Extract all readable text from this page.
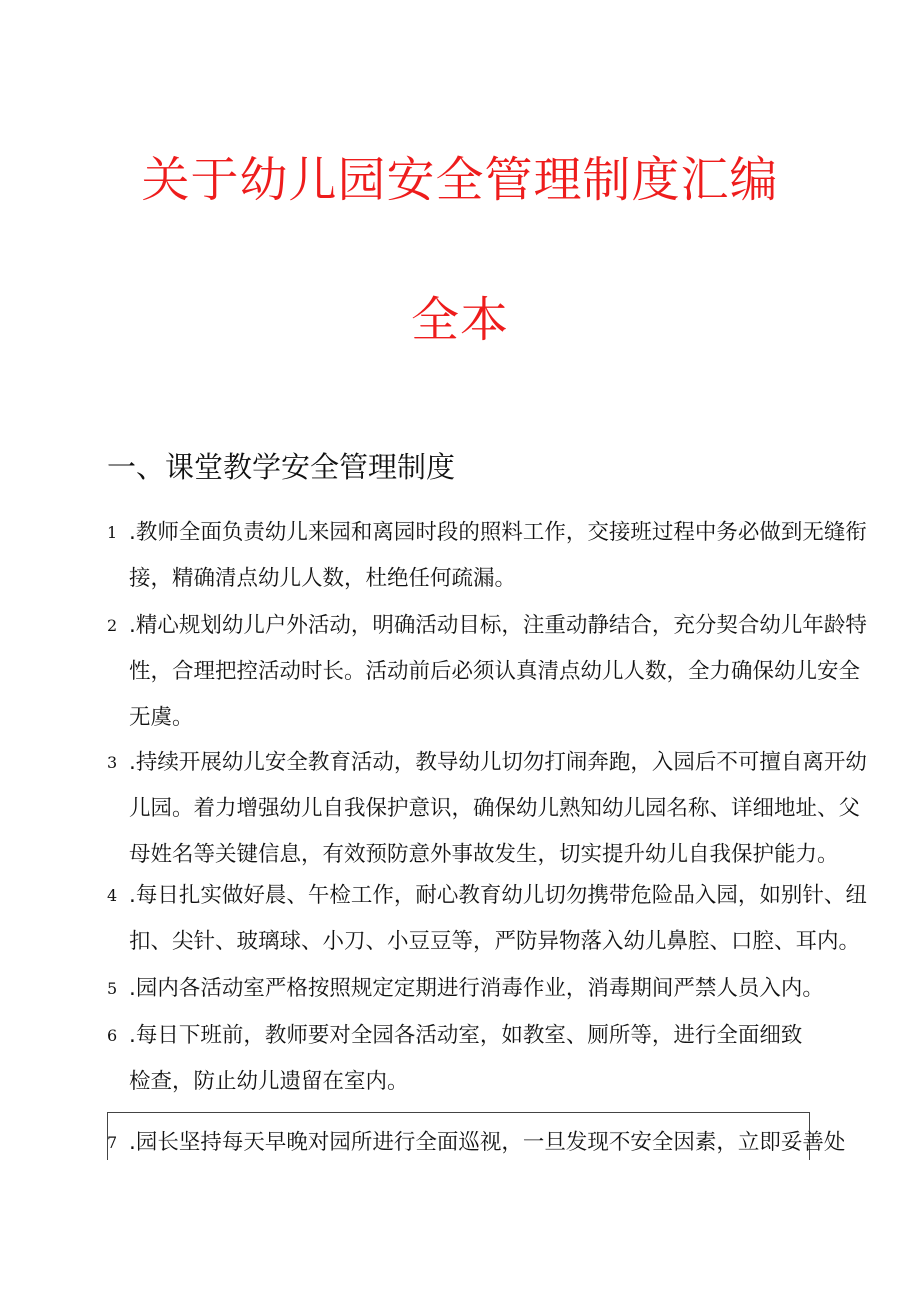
关于幼儿园安全管理制度汇编
全本
一、课堂教学安全管理制度
1 .教师全面负责幼儿来园和离园时段的照料工作，交接班过程中务必做到无缝衔
接，精确清点幼儿人数，杜绝任何疏漏。
2 .精心规划幼儿户外活动，明确活动目标，注重动静结合，充分契合幼儿年龄特
性，合理把控活动时长。活动前后必须认真清点幼儿人数，全力确保幼儿安全
无虞。
3 .持续开展幼儿安全教育活动，教导幼儿切勿打闹奔跑，入园后不可擅自离开幼
儿园。着力增强幼儿自我保护意识，确保幼儿熟知幼儿园名称、详细地址、父
母姓名等关键信息，有效预防意外事故发生，切实提升幼儿自我保护能力。
4 .每日扎实做好晨、午检工作，耐心教育幼儿切勿携带危险品入园，如别针、纽
扣、尖针、玻璃球、小刀、小豆豆等，严防异物落入幼儿鼻腔、口腔、耳内。
5 .园内各活动室严格按照规定定期进行消毒作业，消毒期间严禁人员入内。
6 .每日下班前，教师要对全园各活动室，如教室、厕所等，进行全面细致
检查，防止幼儿遗留在室内。
7 .园长坚持每天早晚对园所进行全面巡视，一旦发现不安全因素，立即妥善处
